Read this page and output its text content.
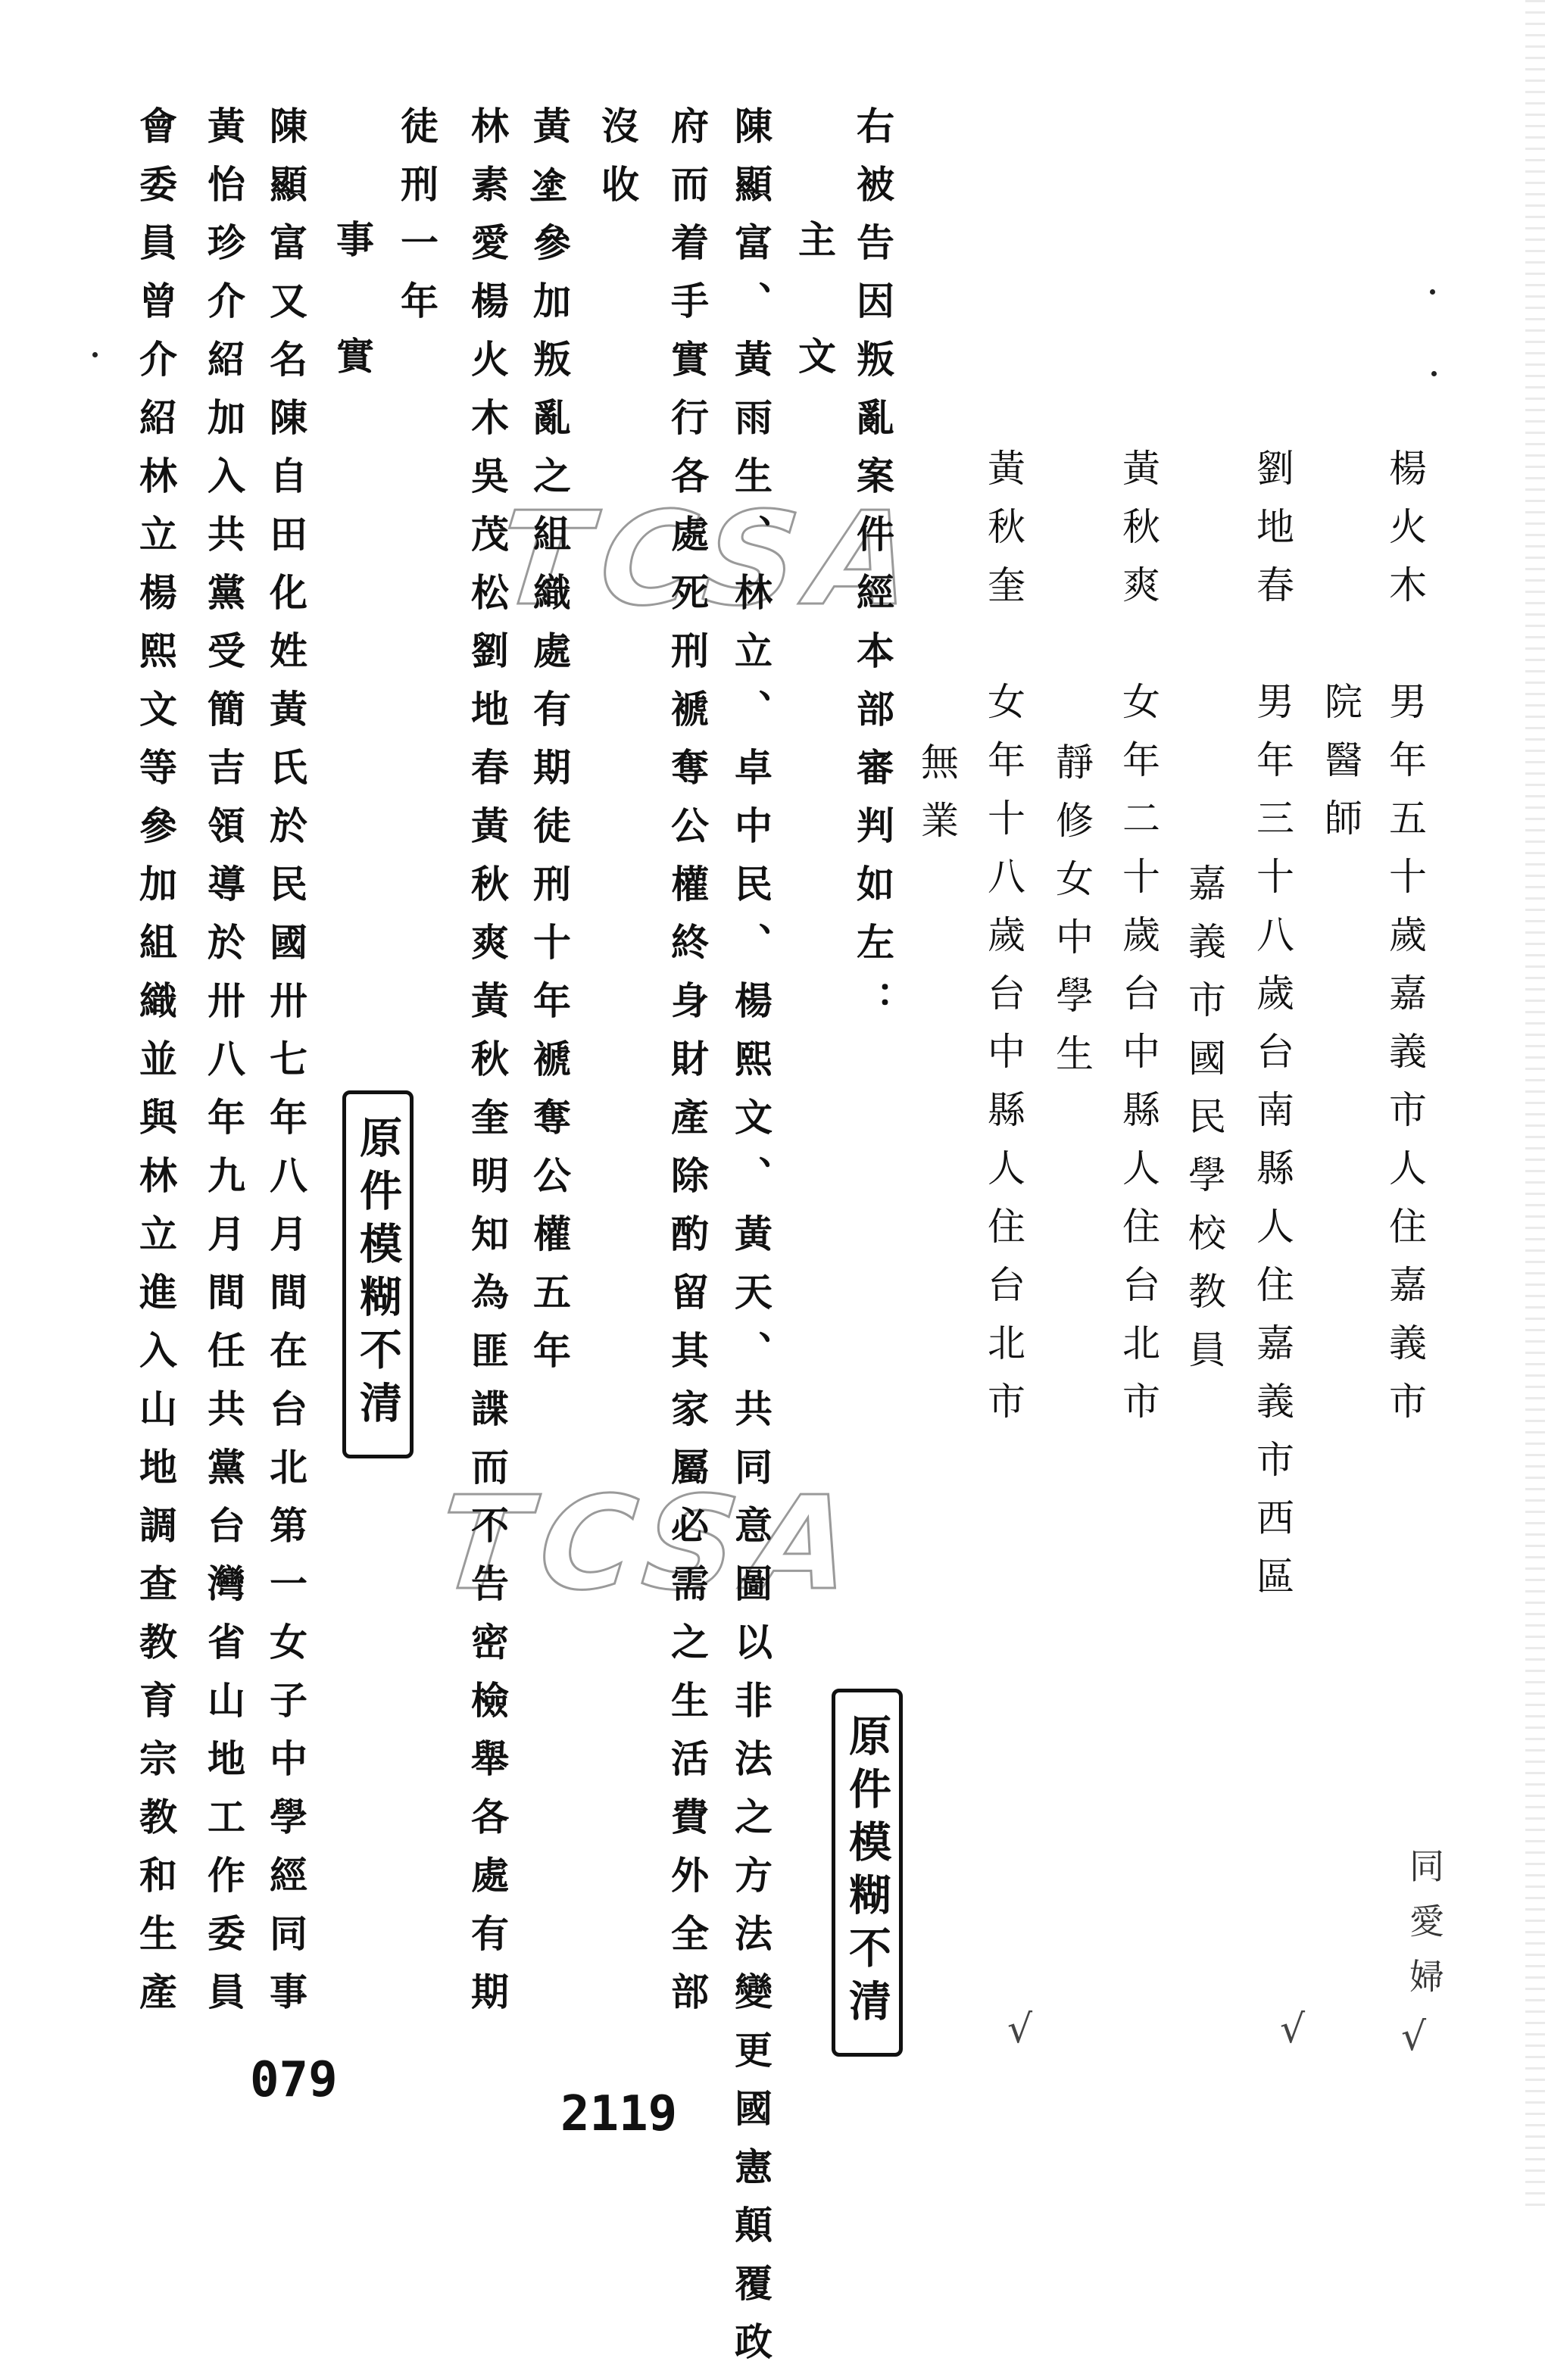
TCSA
TCSA
楊火木
男年五十歲嘉義市人住嘉義市
院醫師
劉地春
男年三十八歲台南縣人住嘉義市西區
嘉義市國民學校教員
黃秋爽
女年二十歲台中縣人住台北市
靜修女中學生
黃秋奎
女年十八歲台中縣人住台北市
無業
右被告因叛亂案件經本部審判如左：
主　文
陳顯富、黃雨生、林立、卓中民、楊熙文、黃天、共同意圖以非法之方法變更國憲顛覆政
府而着手實行各處死刑褫奪公權終身財產除酌留其家屬必需之生活費外全部
沒收
黃𡍼參加叛亂之組織處有期徒刑十年褫奪公權五年
林素愛楊火木吳茂松劉地春黃秋爽黃秋奎明知為匪諜而不告密檢舉各處有期
徒刑一年
事　實
陳顯富又名陳自田化姓黃氏於民國卅七年八月間在台北第一女子中學經同事
黃怡珍介紹加入共黨受簡吉領導於卅八年九月間任共黨台灣省山地工作委員
會委員曾介紹林立楊熙文等參加組織並與林立進入山地調查教育宗教和生產	原件模糊不清
原件模糊不清	同愛婦
079
2119
√	√ √
